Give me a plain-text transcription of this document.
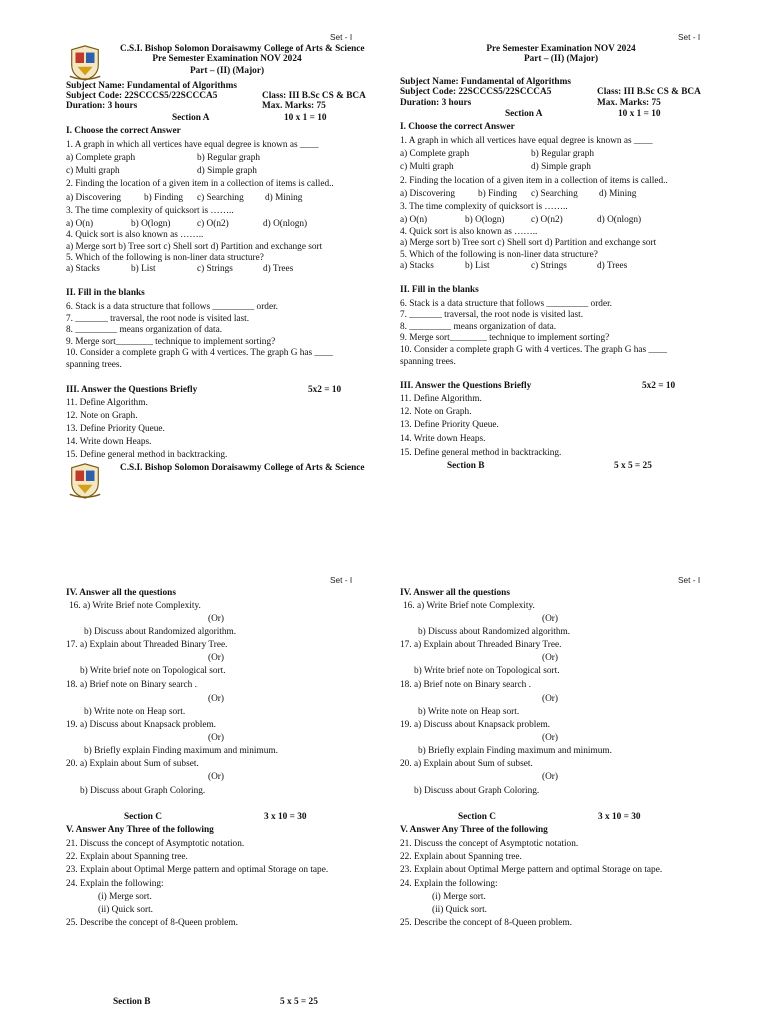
Set - I	Set - I
Set - I	Set - I
C.S.I. Bishop Solomon Doraisawmy College of Arts & Science
Pre Semester Examination NOV 2024
Part – (II) (Major)
Subject Name: Fundamental of Algorithms
Subject Code: 22SCCCS5/22SCCCA5	Class: III B.Sc CS & BCA
Duration: 3 hours	Max. Marks: 75
Section A	10 x 1 = 10
I. Choose the correct Answer
1. A graph in which all vertices have equal degree is known as ____
a) Complete graph	b) Regular graph
c) Multi graph	d) Simple graph
2. Finding the location of a given item in a collection of items is called..
a) Discovering	b) Finding	c) Searching	d) Mining
3. The time complexity of quicksort is ……..
a) O(n)	b) O(logn)	c) O(n2)	d) O(nlogn)
4. Quick sort is also known as ……..
a) Merge sort b) Tree sort c) Shell sort d) Partition and exchange sort
5. Which of the following is non-liner data structure?
a) Stacks	b) List	c) Strings	d) Trees
II. Fill in the blanks
6. Stack is a data structure that follows _________ order.
7. _______ traversal, the root node is visited last.
8. _________ means organization of data.
9. Merge sort________ technique to implement sorting?
10. Consider a complete graph G with 4 vertices. The graph G has ____
spanning trees.
III. Answer the Questions Briefly	5x2 = 10
11. Define Algorithm.
12. Note on Graph.
13. Define Priority Queue.
14. Write down Heaps.
15. Define general method in backtracking.
C.S.I. Bishop Solomon Doraisawmy College of Arts & Science
IV. Answer all the questions
16. a) Write Brief note Complexity.
(Or)
b) Discuss about Randomized algorithm.
17. a) Explain about Threaded Binary Tree.
(Or)
b) Write brief note on Topological sort.
18. a) Brief note on Binary search .
(Or)
b) Write note on Heap sort.
19. a) Discuss about Knapsack problem.
(Or)
b) Briefly explain Finding maximum and minimum.
20. a) Explain about Sum of subset.
(Or)
b) Discuss about Graph Coloring.
Section C	3 x 10 = 30
V. Answer Any Three of the following
21. Discuss the concept of Asymptotic notation.
22. Explain about Spanning tree.
23. Explain about Optimal Merge pattern and optimal Storage on tape.
24. Explain the following:
(i) Merge sort.
(ii) Quick sort.
25. Describe the concept of 8-Queen problem.
Section B	5 x 5 = 25
Pre Semester Examination NOV 2024
Part – (II) (Major)
Subject Name: Fundamental of Algorithms
Subject Code: 22SCCCS5/22SCCCA5	Class: III B.Sc CS & BCA
Duration: 3 hours	Max. Marks: 75
Section A	10 x 1 = 10
I. Choose the correct Answer
1. A graph in which all vertices have equal degree is known as ____
a) Complete graph	b) Regular graph
c) Multi graph	d) Simple graph
2. Finding the location of a given item in a collection of items is called..
a) Discovering	b) Finding	c) Searching	d) Mining
3. The time complexity of quicksort is ……..
a) O(n)	b) O(logn)	c) O(n2)	d) O(nlogn)
4. Quick sort is also known as ……..
a) Merge sort b) Tree sort c) Shell sort d) Partition and exchange sort
5. Which of the following is non-liner data structure?
a) Stacks	b) List	c) Strings	d) Trees
II. Fill in the blanks
6. Stack is a data structure that follows _________ order.
7. _______ traversal, the root node is visited last.
8. _________ means organization of data.
9. Merge sort________ technique to implement sorting?
10. Consider a complete graph G with 4 vertices. The graph G has ____
spanning trees.
III. Answer the Questions Briefly	5x2 = 10
11. Define Algorithm.
12. Note on Graph.
13. Define Priority Queue.
14. Write down Heaps.
15. Define general method in backtracking.
Section B	5 x 5 = 25
IV. Answer all the questions
16. a) Write Brief note Complexity.
(Or)
b) Discuss about Randomized algorithm.
17. a) Explain about Threaded Binary Tree.
(Or)
b) Write brief note on Topological sort.
18. a) Brief note on Binary search .
(Or)
b) Write note on Heap sort.
19. a) Discuss about Knapsack problem.
(Or)
b) Briefly explain Finding maximum and minimum.
20. a) Explain about Sum of subset.
(Or)
b) Discuss about Graph Coloring.
Section C	3 x 10 = 30
V. Answer Any Three of the following
21. Discuss the concept of Asymptotic notation.
22. Explain about Spanning tree.
23. Explain about Optimal Merge pattern and optimal Storage on tape.
24. Explain the following:
(i) Merge sort.
(ii) Quick sort.
25. Describe the concept of 8-Queen problem.
